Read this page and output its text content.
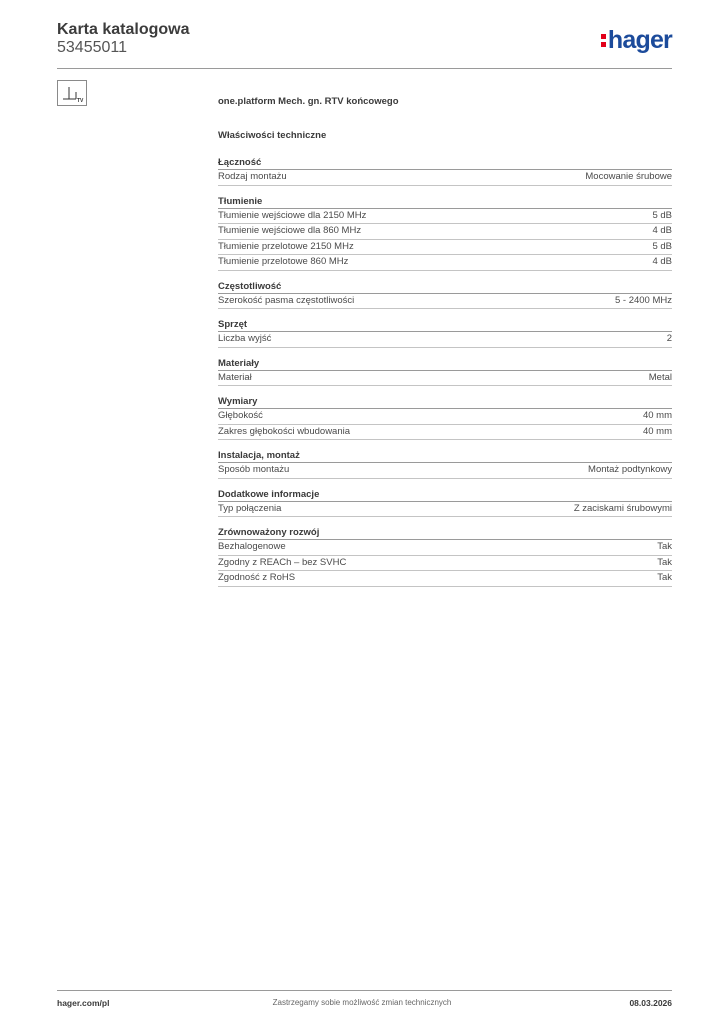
Karta katalogowa
53455011	hager
TV	one.platform Mech. gn. RTV końcowego
Właściwości techniczne
Łączność
Rodzaj montażu	Mocowanie śrubowe
Tłumienie
Tłumienie wejściowe dla 2150 MHz	5 dB
Tłumienie wejściowe dla 860 MHz	4 dB
Tłumienie przelotowe 2150 MHz	5 dB
Tłumienie przelotowe 860 MHz	4 dB
Częstotliwość
Szerokość pasma częstotliwości	5 - 2400 MHz
Sprzęt
Liczba wyjść	2
Materiały
Materiał	Metal
Wymiary
Głębokość	40 mm
Zakres głębokości wbudowania	40 mm
Instalacja, montaż
Sposób montażu	Montaż podtynkowy
Dodatkowe informacje
Typ połączenia	Z zaciskami śrubowymi
Zrównoważony rozwój
Bezhalogenowe	Tak
Zgodny z REACh – bez SVHC	Tak
Zgodność z RoHS	Tak
hager.com/pl	Zastrzegamy sobie możliwość zmian technicznych	08.03.2026
